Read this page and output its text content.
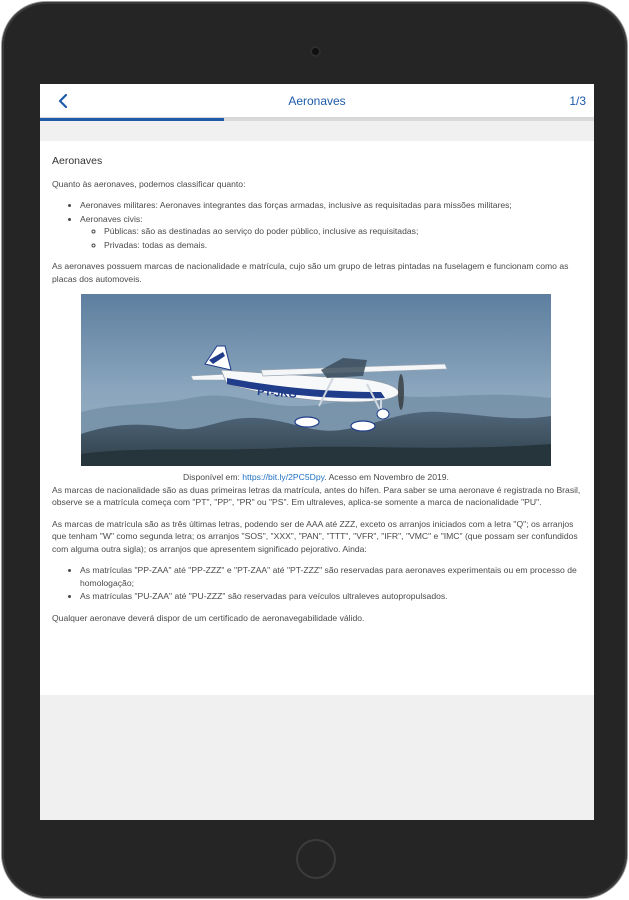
Aeronaves	1/3
Aeronaves

Quanto às aeronaves, podemos classificar quanto:

• Aeronaves militares: Aeronaves integrantes das forças armadas, inclusive as requisitadas para missões militares;
• Aeronaves civis:
◦ Públicas: são as destinadas ao serviço do poder público, inclusive as requisitadas;
◦ Privadas: todas as demais.

As aeronaves possuem marcas de nacionalidade e matrícula, cujo são um grupo de letras pintadas na fuselagem e funcionam como as placas dos automoveis.

PT-JKG
Disponível em: https://bit.ly/2PC5Dpy. Acesso em Novembro de 2019.

As marcas de nacionalidade são as duas primeiras letras da matrícula, antes do hífen. Para saber se uma aeronave é registrada no Brasil, observe se a matrícula começa com "PT", "PP", "PR" ou "PS". Em ultraleves, aplica-se somente a marca de nacionalidade "PU".

As marcas de matrícula são as três últimas letras, podendo ser de AAA até ZZZ, exceto os arranjos iniciados com a letra "Q"; os arranjos que tenham "W" como segunda letra; os arranjos "SOS", "XXX", "PAN", "TTT", "VFR", "IFR", "VMC" e "IMC" (que possam ser confundidos com alguma outra sigla); os arranjos que apresentem significado pejorativo. Ainda:

• As matrículas "PP-ZAA" até "PP-ZZZ" e "PT-ZAA" até "PT-ZZZ" são reservadas para aeronaves experimentais ou em processo de homologação;
• As matrículas "PU-ZAA" até "PU-ZZZ" são reservadas para veículos ultraleves autopropulsados.

Qualquer aeronave deverá dispor de um certificado de aeronavegabilidade válido.
